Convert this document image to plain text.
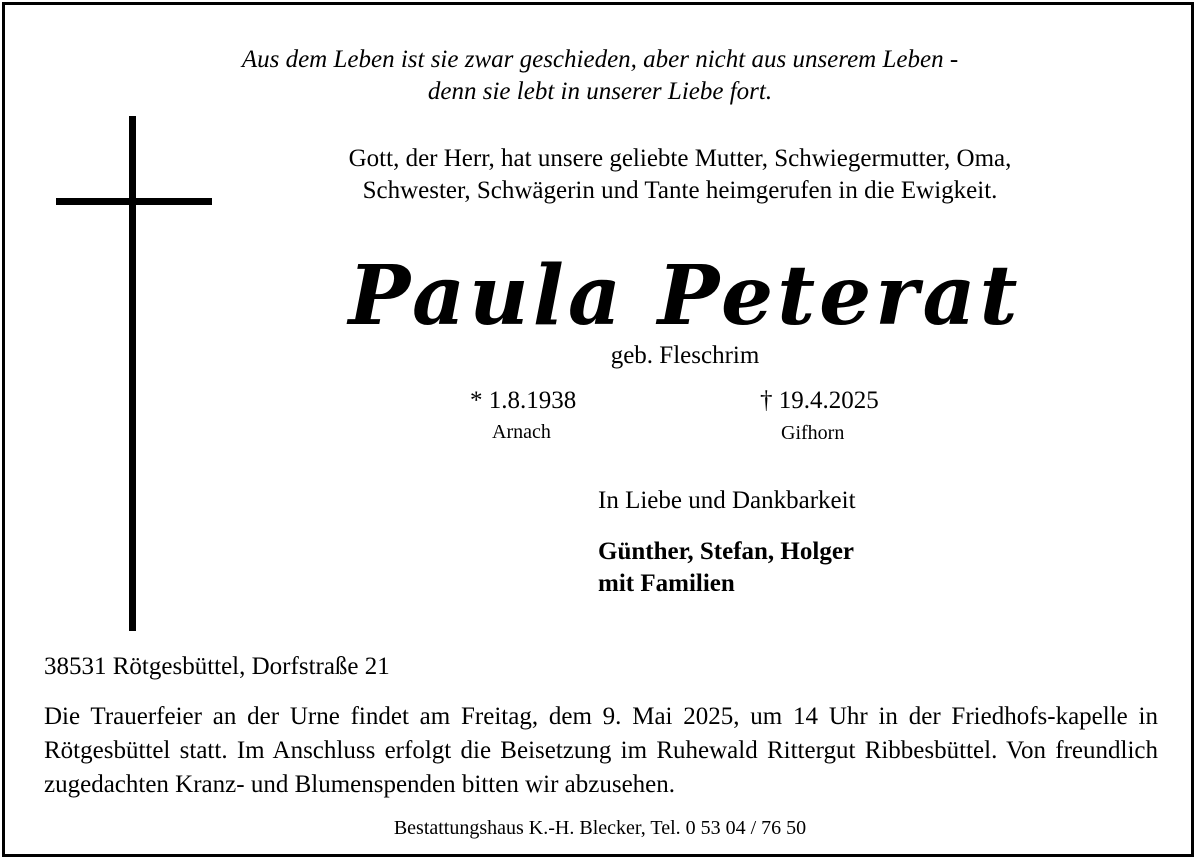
Aus dem Leben ist sie zwar geschieden, aber nicht aus unserem Leben -
denn sie lebt in unserer Liebe fort.
Gott, der Herr, hat unsere geliebte Mutter, Schwiegermutter, Oma,
Schwester, Schwägerin und Tante heimgerufen in die Ewigkeit.
Paula Peterat
geb. Fleschrim
* 1.8.1938
Arnach
† 19.4.2025
Gifhorn
In Liebe und Dankbarkeit
Günther, Stefan, Holger
mit Familien
38531 Rötgesbüttel, Dorfstraße 21
Die Trauerfeier an der Urne findet am Freitag, dem 9. Mai 2025, um 14 Uhr in der Friedhofs-kapelle in Rötgesbüttel statt. Im Anschluss erfolgt die Beisetzung im Ruhewald Rittergut Ribbesbüttel. Von freundlich zugedachten Kranz- und Blumenspenden bitten wir abzusehen.
Bestattungshaus K.-H. Blecker, Tel. 0 53 04 / 76 50
